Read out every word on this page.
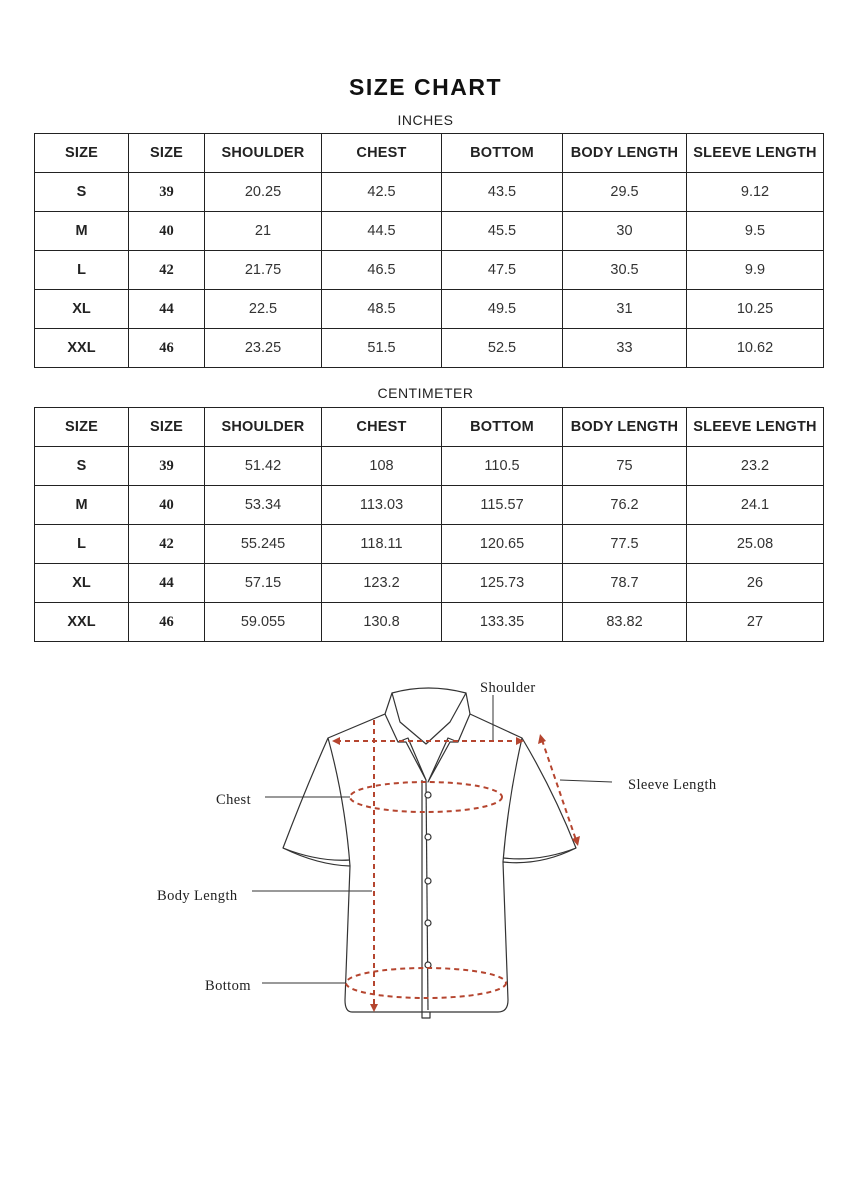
SIZE CHART
INCHES
SIZE	SIZE	SHOULDER	CHEST	BOTTOM	BODY LENGTH	SLEEVE LENGTH
S	39	20.25	42.5	43.5	29.5	9.12
M	40	21	44.5	45.5	30	9.5
L	42	21.75	46.5	47.5	30.5	9.9
XL	44	22.5	48.5	49.5	31	10.25
XXL	46	23.25	51.5	52.5	33	10.62
CENTIMETER
SIZE	SIZE	SHOULDER	CHEST	BOTTOM	BODY LENGTH	SLEEVE LENGTH
S	39	51.42	108	110.5	75	23.2
M	40	53.34	113.03	115.57	76.2	24.1
L	42	55.245	118.11	120.65	77.5	25.08
XL	44	57.15	123.2	125.73	78.7	26
XXL	46	59.055	130.8	133.35	83.82	27
Shoulder
Sleeve Length
Chest
Body Length
Bottom
